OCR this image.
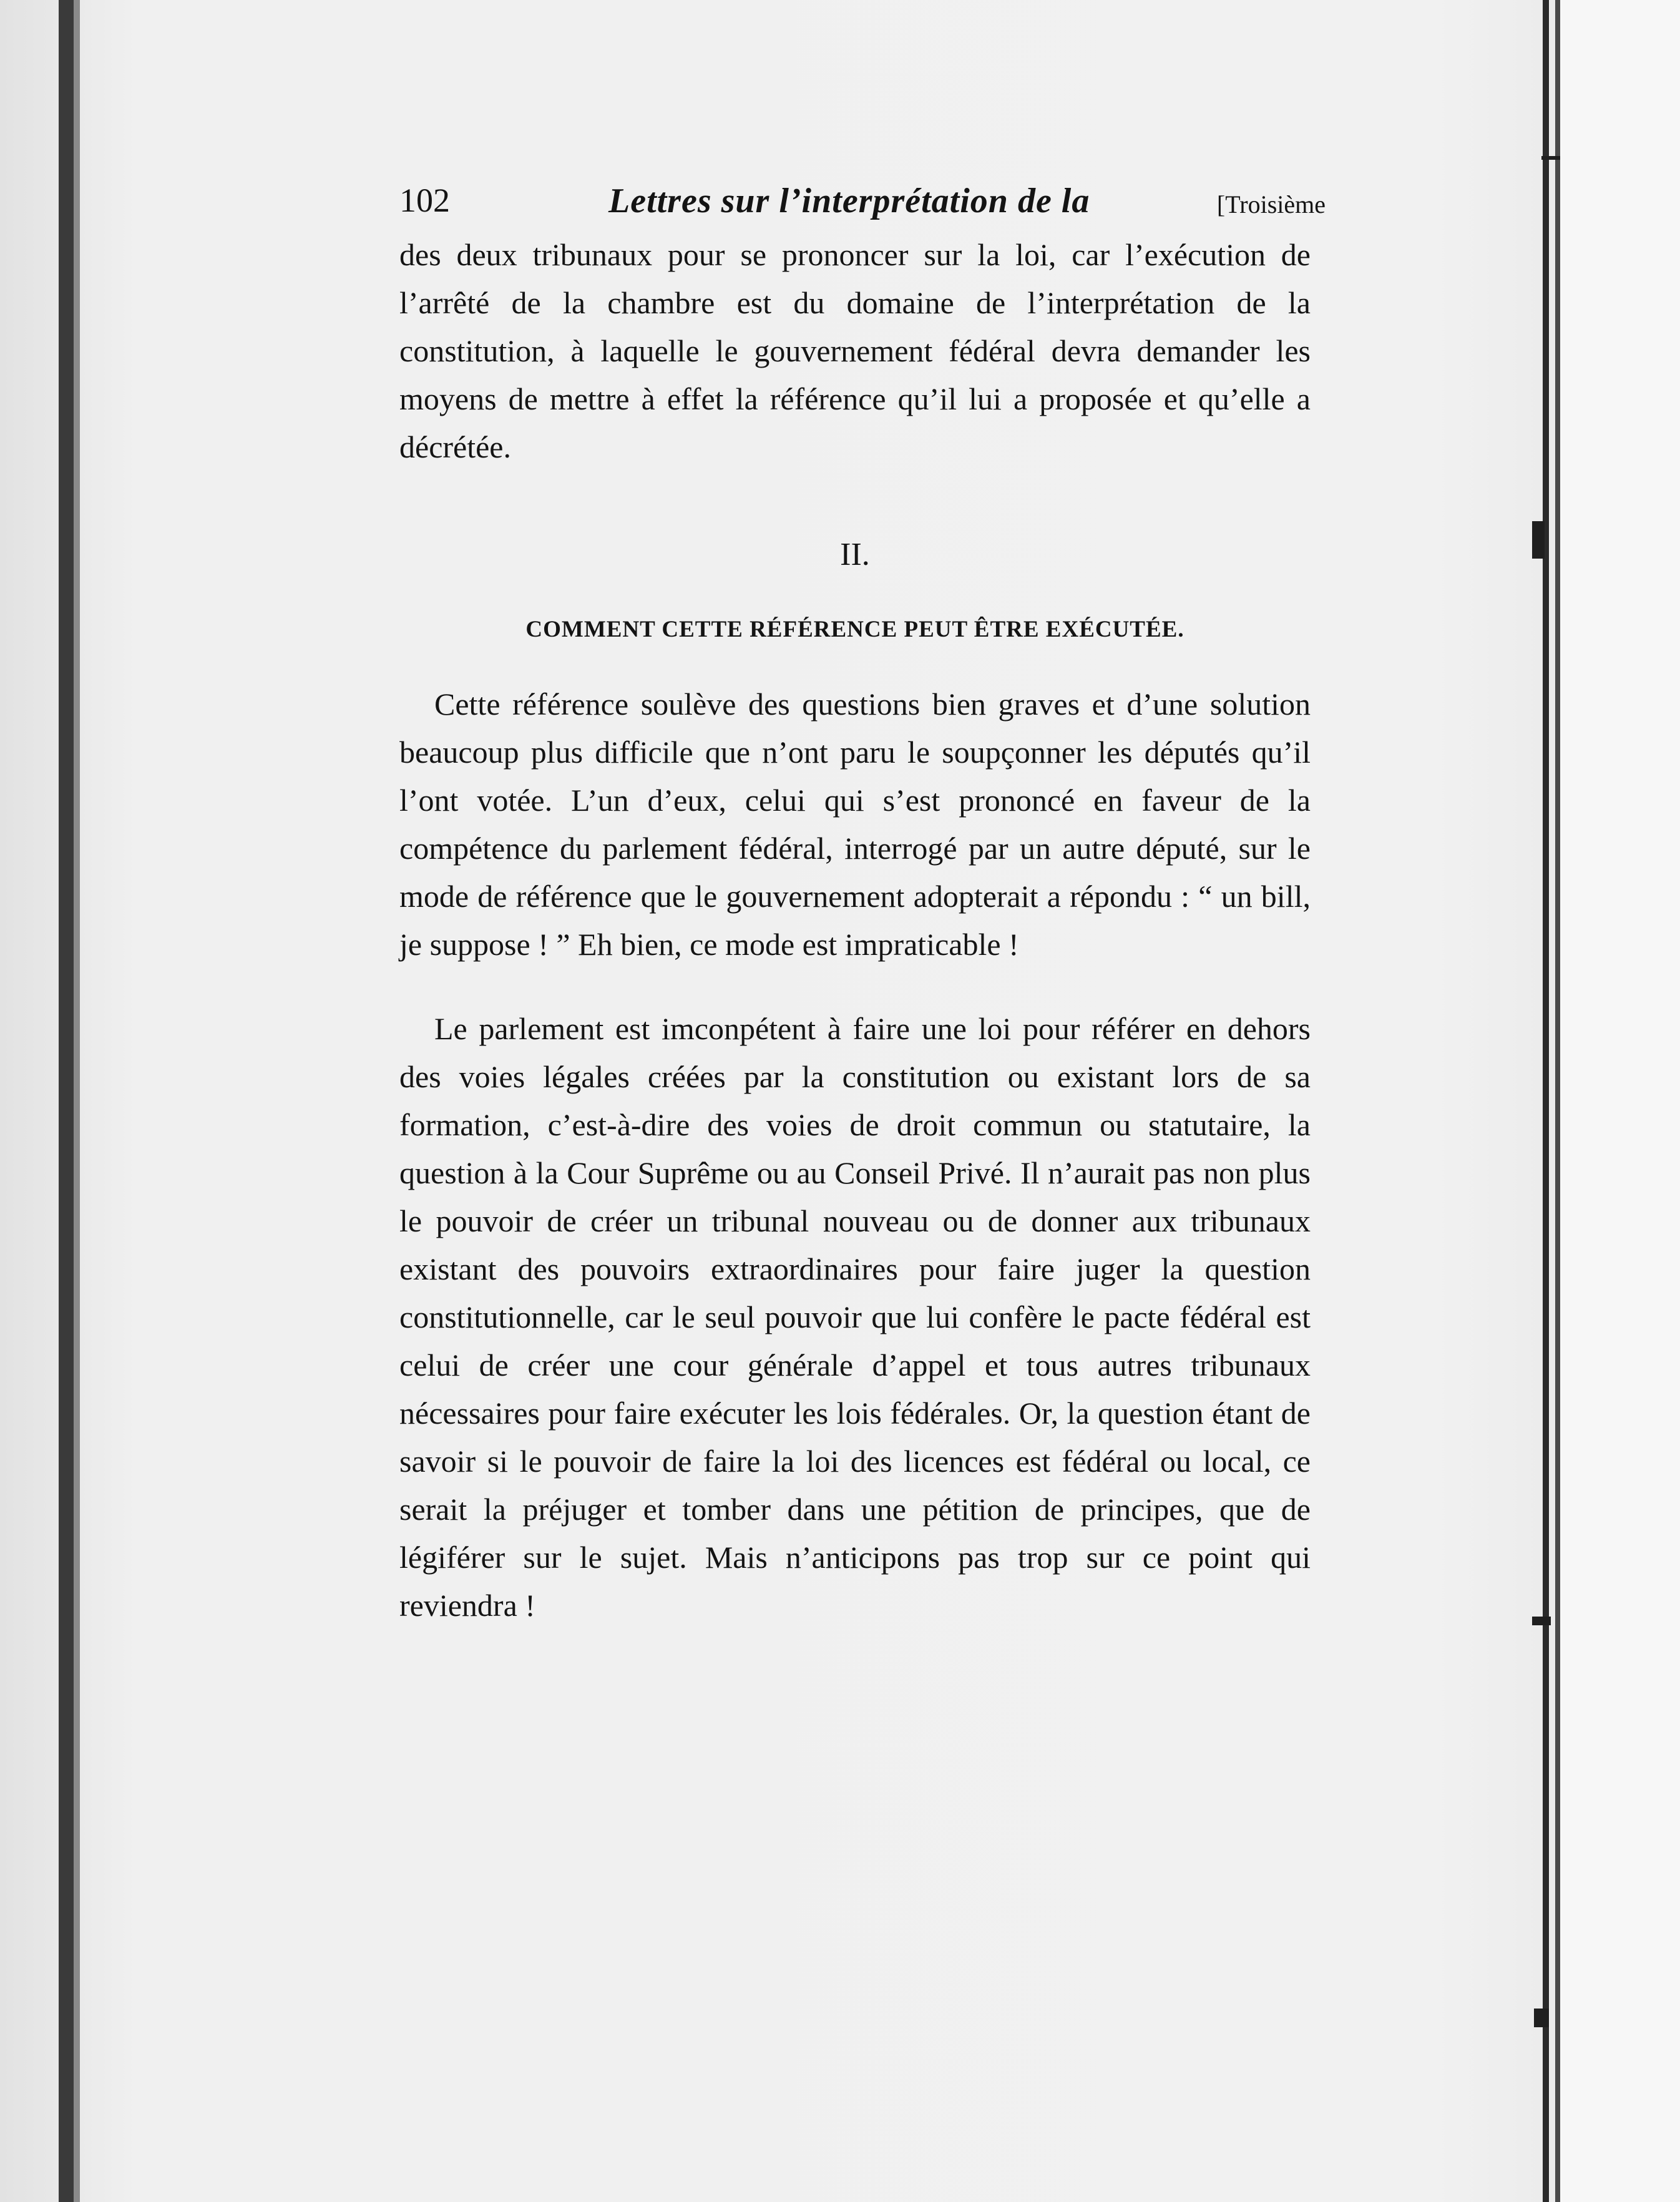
102	Lettres sur l’interprétation de la	[Troisième

des deux tribunaux pour se prononcer sur la loi, car l’exécution de l’arrêté de la chambre est du domaine de l’interprétation de la constitution, à laquelle le gouvernement fédéral devra demander les moyens de mettre à effet la référence qu’il lui a proposée et qu’elle a décrétée.

II.
COMMENT CETTE RÉFÉRENCE PEUT ÊTRE EXÉCUTÉE.

Cette référence soulève des questions bien graves et d’une solution beaucoup plus difficile que n’ont paru le soupçonner les députés qu’il l’ont votée. L’un d’eux, celui qui s’est prononcé en faveur de la compétence du parlement fédéral, interrogé par un autre député, sur le mode de référence que le gouvernement adopterait a répondu : “ un bill, je suppose ! ” Eh bien, ce mode est impraticable !

Le parlement est imconpétent à faire une loi pour référer en dehors des voies légales créées par la constitution ou existant lors de sa formation, c’est-à-dire des voies de droit commun ou statutaire, la question à la Cour Suprême ou au Conseil Privé. Il n’aurait pas non plus le pouvoir de créer un tribunal nouveau ou de donner aux tribunaux existant des pouvoirs extraordinaires pour faire juger la question constitutionnelle, car le seul pouvoir que lui confère le pacte fédéral est celui de créer une cour générale d’appel et tous autres tribunaux nécessaires pour faire exécuter les lois fédérales. Or, la question étant de savoir si le pouvoir de faire la loi des licences est fédéral ou local, ce serait la préjuger et tomber dans une pétition de principes, que de légiférer sur le sujet. Mais n’anticipons pas trop sur ce point qui reviendra !
